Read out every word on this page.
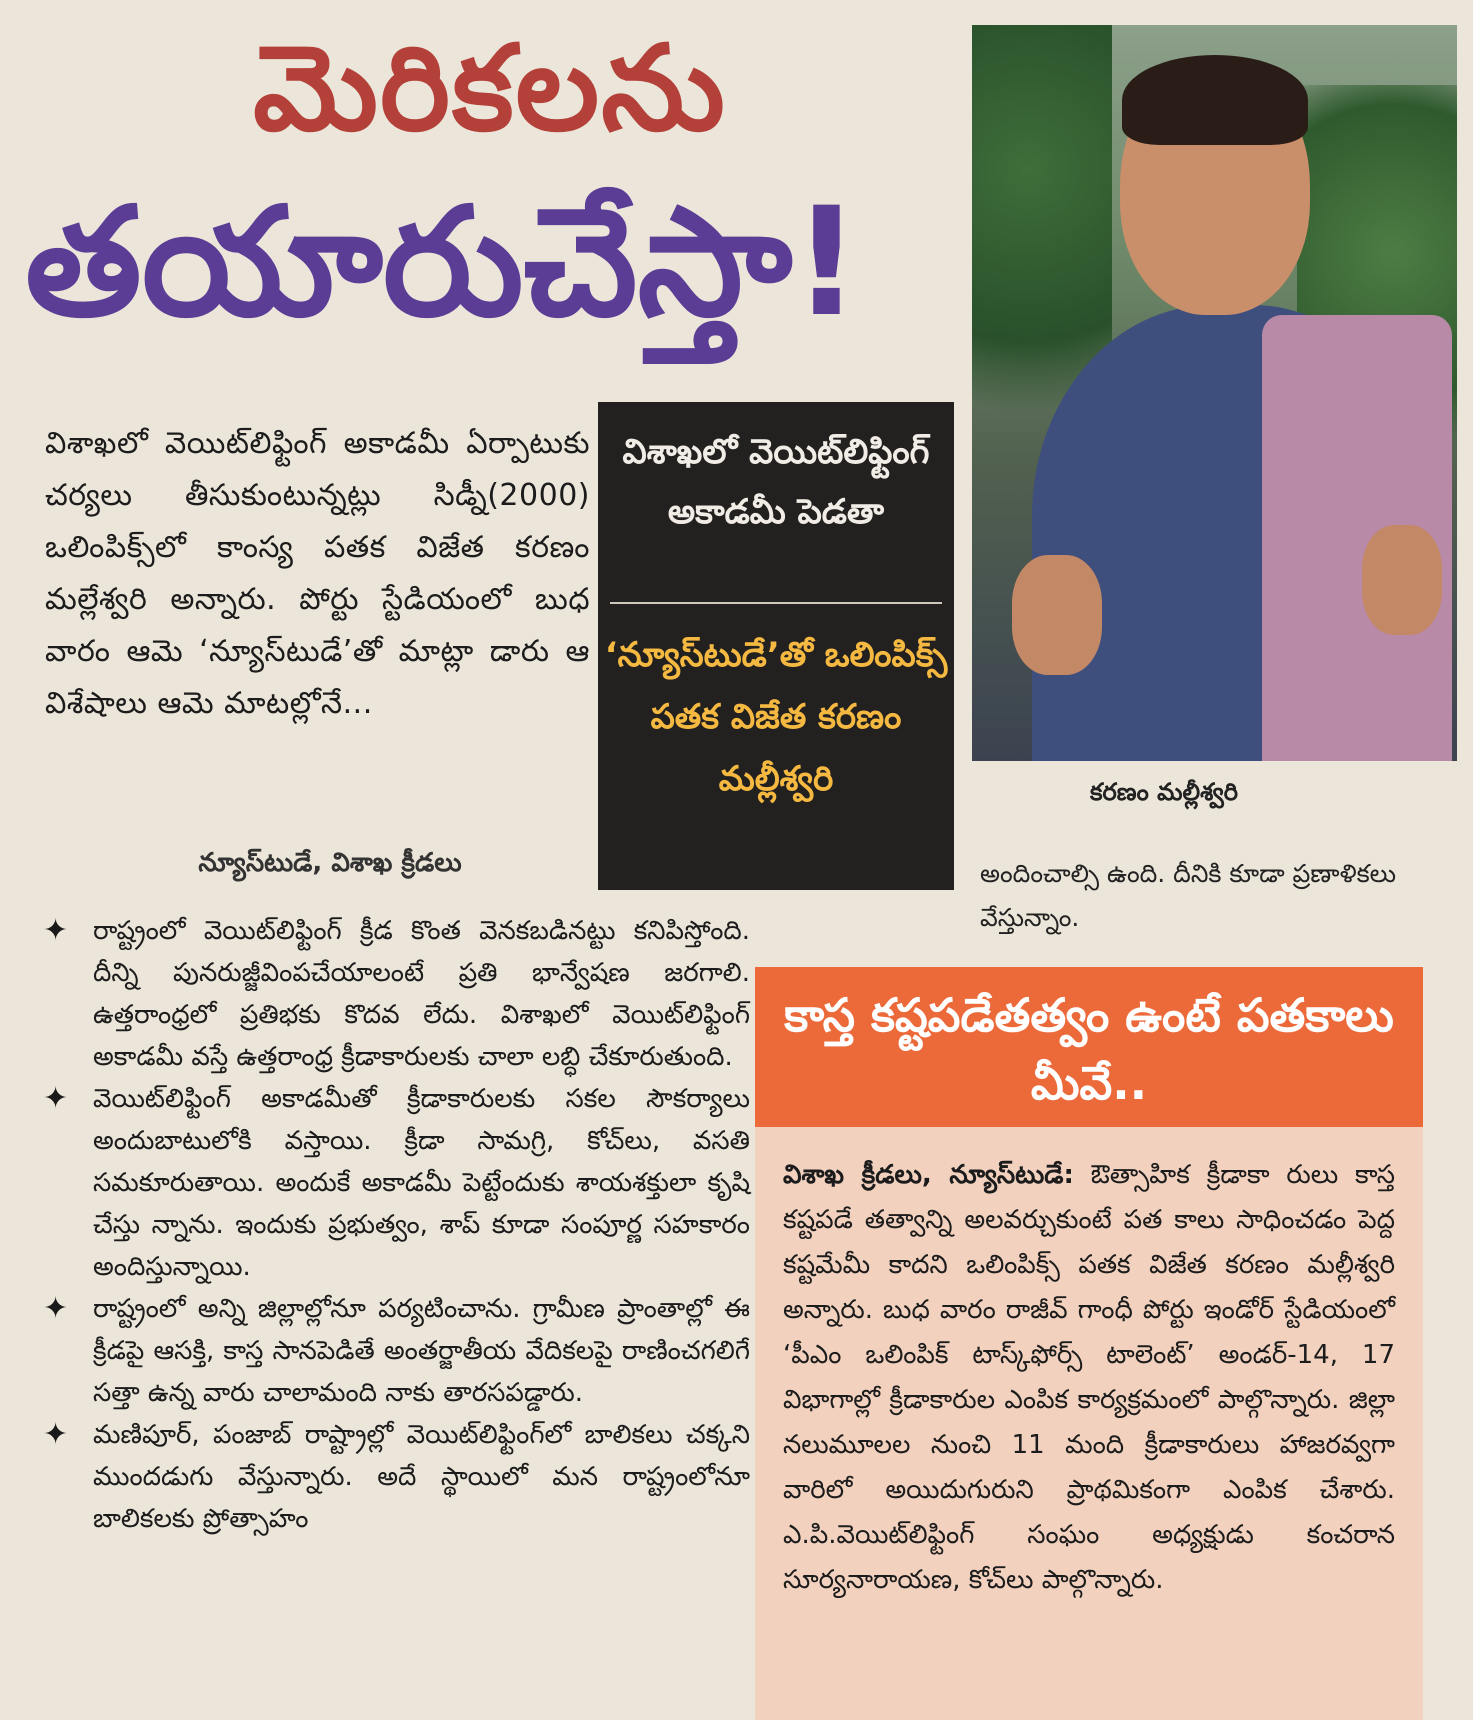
మెరికలను
తయారుచేస్తా!
కరణం మల్లీశ్వరి
విశాఖలో వెయిట్‌లిఫ్టింగ్ అకాడమీ ఏర్పాటుకు చర్యలు తీసుకుంటున్నట్లు సిడ్నీ(2000) ఒలింపిక్స్‌లో కాంస్య పతక విజేత కరణం మల్లేశ్వరి అన్నారు. పోర్టు స్టేడియంలో బుధ వారం ఆమె ‘న్యూస్‌టుడే’తో మాట్లా డారు ఆ విశేషాలు ఆమె మాటల్లోనే...
న్యూస్‌టుడే, విశాఖ క్రీడలు
విశాఖలో వెయిట్‌లిఫ్టింగ్ అకాడమీ పెడతా
‘న్యూస్‌టుడే’తో ఒలింపిక్స్ పతక విజేత కరణం మల్లీశ్వరి
అందించాల్సి ఉంది. దీనికి కూడా ప్రణాళికలు వేస్తున్నాం.
✦ రాష్ట్రంలో వెయిట్‌లిఫ్టింగ్ క్రీడ కొంత వెనకబడినట్టు కనిపిస్తోంది. దీన్ని పునరుజ్జీవింపచేయాలంటే ప్రతి భాన్వేషణ జరగాలి. ఉత్తరాంధ్రలో ప్రతిభకు కొదవ లేదు. విశాఖలో వెయిట్‌లిఫ్టింగ్ అకాడమీ వస్తే ఉత్తరాంధ్ర క్రీడాకారులకు చాలా లబ్ధి చేకూరుతుంది.
✦ వెయిట్‌లిఫ్టింగ్ అకాడమీతో క్రీడాకారులకు సకల సౌకర్యాలు అందుబాటులోకి వస్తాయి. క్రీడా సామగ్రి, కోచ్‌లు, వసతి సమకూరుతాయి. అందుకే అకాడమీ పెట్టేందుకు శాయశక్తులా కృషి చేస్తు న్నాను. ఇందుకు ప్రభుత్వం, శాప్ కూడా సంపూర్ణ సహకారం అందిస్తున్నాయి.
✦ రాష్ట్రంలో అన్ని జిల్లాల్లోనూ పర్యటించాను. గ్రామీణ ప్రాంతాల్లో ఈ క్రీడపై ఆసక్తి, కాస్త సానపెడితే అంతర్జాతీయ వేదికలపై రాణించగలిగే సత్తా ఉన్న వారు చాలామంది నాకు తారసపడ్డారు.
✦ మణిపూర్, పంజాబ్ రాష్ట్రాల్లో వెయిట్‌లిఫ్టింగ్‌లో బాలికలు చక్కని ముందడుగు వేస్తున్నారు. అదే స్థాయిలో మన రాష్ట్రంలోనూ బాలికలకు ప్రోత్సాహం
కాస్త కష్టపడేతత్వం ఉంటే పతకాలు మీవే..
విశాఖ క్రీడలు, న్యూస్‌టుడే: ఔత్సాహిక క్రీడాకా రులు కాస్త కష్టపడే తత్వాన్ని అలవర్చుకుంటే పత కాలు సాధించడం పెద్ద కష్టమేమీ కాదని ఒలింపిక్స్ పతక విజేత కరణం మల్లీశ్వరి అన్నారు. బుధ వారం రాజీవ్ గాంధీ పోర్టు ఇండోర్ స్టేడియంలో ‘పీఎం ఒలింపిక్ టాస్క్‌ఫోర్స్ టాలెంట్’ అండర్-14, 17 విభాగాల్లో క్రీడాకారుల ఎంపిక కార్యక్రమంలో పాల్గొన్నారు. జిల్లా నలుమూలల నుంచి 11 మంది క్రీడాకారులు హాజరవ్వగా వారిలో అయిదుగురుని ప్రాథమికంగా ఎంపిక చేశారు. ఎ.పి.వెయిట్‌లిఫ్టింగ్ సంఘం అధ్యక్షుడు కంచరాన సూర్యనారాయణ, కోచ్‌లు పాల్గొన్నారు.
